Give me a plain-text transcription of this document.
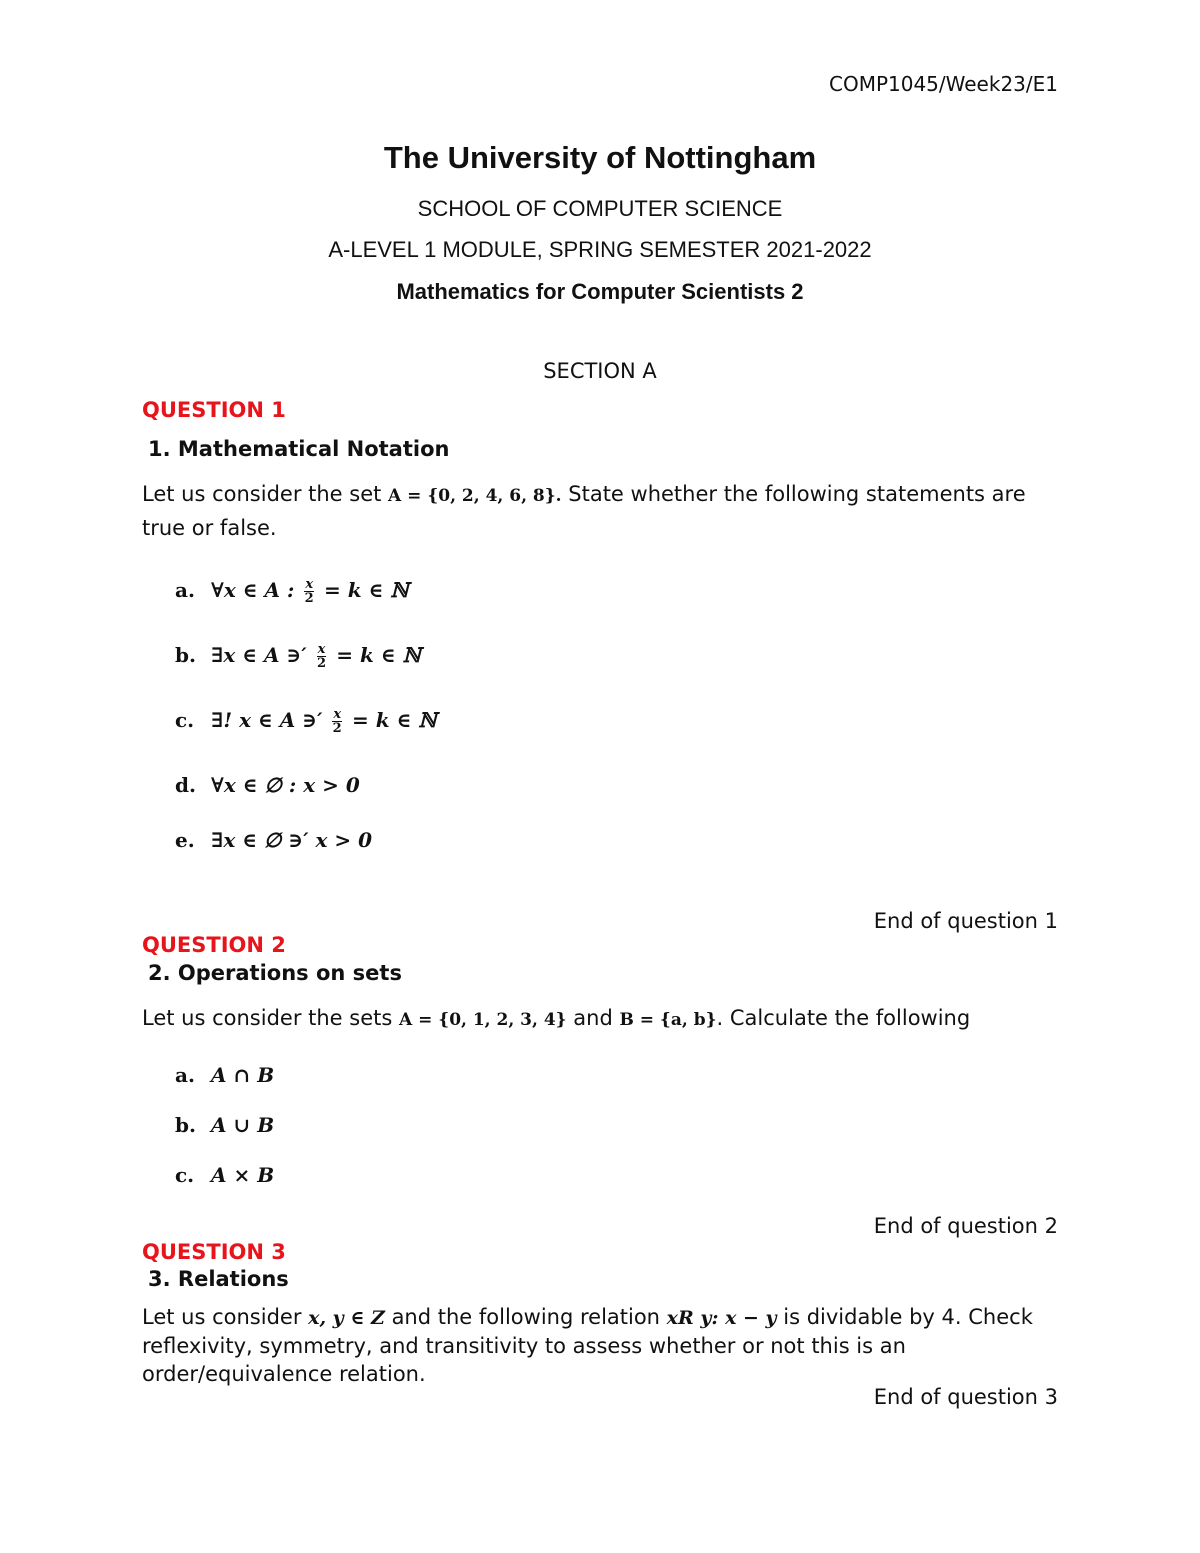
COMP1045/Week23/E1
The University of Nottingham
SCHOOL OF COMPUTER SCIENCE
A-LEVEL 1 MODULE, SPRING SEMESTER 2021-2022
Mathematics for Computer Scientists 2
SECTION A
QUESTION 1
1. Mathematical Notation
Let us consider the set A = {0, 2, 4, 6, 8}. State whether the following statements are true or false.
a. ∀x ∈ A : $\frac{x}{2} = k$ ∈ ℕ
b. ∃x ∈ A ∋′ $\frac{x}{2} = k$ ∈ ℕ
c. ∃! x ∈ A ∋′ $\frac{x}{2} = k$ ∈ ℕ
d. ∀x ∈ ∅ : x > 0
e. ∃x ∈ ∅ ∋′ x > 0
End of question 1
QUESTION 2
2. Operations on sets
Let us consider the sets A = {0, 1, 2, 3, 4} and B = {a, b}. Calculate the following
a. A ∩ B
b. A ∪ B
c. A × B
End of question 2
QUESTION 3
3. Relations
Let us consider x, y ∈ Z and the following relation xR y: x − y is dividable by 4. Check reflexivity, symmetry, and transitivity to assess whether or not this is an order/equivalence relation.
End of question 3
